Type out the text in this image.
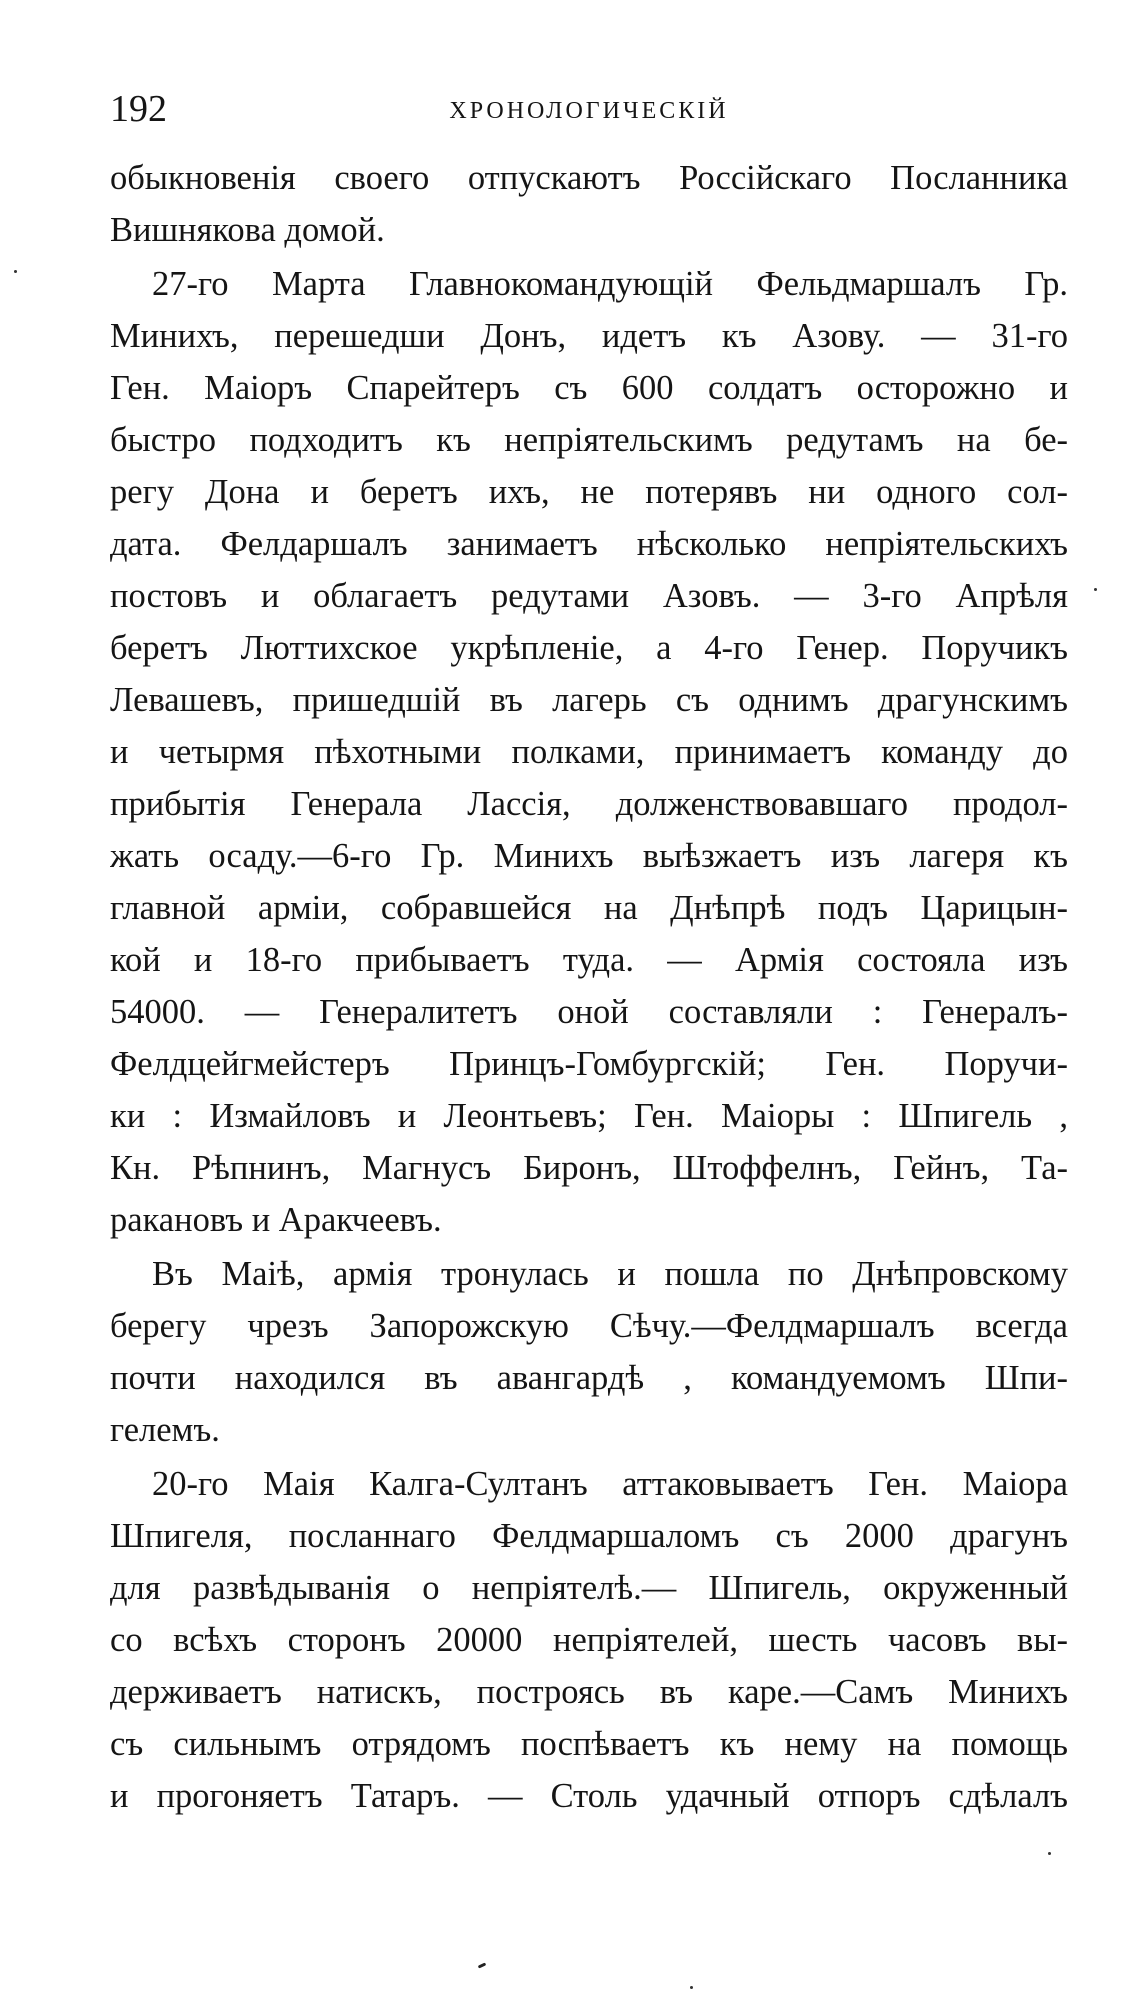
192	ХРОНОЛОГИЧЕСКІЙ
обыкновенія своего отпускаютъ Россійскаго Посланника
Вишнякова домой.
27-го Марта Главнокомандующій Фельдмаршалъ Гр.
Минихъ, перешедши Донъ, идетъ къ Азову. — 31-го
Ген. Маіоръ Спарейтеръ съ 600 солдатъ осторожно и
быстро подходитъ къ непріятельскимъ редутамъ на бе-
регу Дона и беретъ ихъ, не потерявъ ни одного сол-
дата. Фелдаршалъ занимаетъ нѣсколько непріятельскихъ
постовъ и облагаетъ редутами Азовъ. — 3-го Апрѣля
беретъ Люттихское укрѣпленіе, а 4-го Генер. Поручикъ
Левашевъ, пришедшій въ лагерь съ однимъ драгунскимъ
и четырмя пѣхотными полками, принимаетъ команду до
прибытія Генерала Лассія, долженствовавшаго продол-
жать осаду.—6-го Гр. Минихъ выѣзжаетъ изъ лагеря къ
главной арміи, собравшейся на Днѣпрѣ подъ Царицын-
кой и 18-го прибываетъ туда. — Армія состояла изъ
54000. — Генералитетъ оной составляли : Генералъ-
Фелдцейгмейстеръ Принцъ-Гомбургскій; Ген. Поручи-
ки : Измайловъ и Леонтьевъ; Ген. Маіоры : Шпигель ,
Кн. Рѣпнинъ, Магнусъ Биронъ, Штоффелнъ, Гейнъ, Та-
ракановъ и Аракчеевъ.
Въ Маіѣ, армія тронулась и пошла по Днѣпровскому
берегу чрезъ Запорожскую Сѣчу.—Фелдмаршалъ всегда
почти находился въ авангардѣ , командуемомъ Шпи-
гелемъ.
20-го Маія Калга-Султанъ аттаковываетъ Ген. Маіора
Шпигеля, посланнаго Фелдмаршаломъ съ 2000 драгунъ
для развѣдыванія о непріятелѣ.— Шпигель, окруженный
со всѣхъ сторонъ 20000 непріятелей, шесть часовъ вы-
держиваетъ натискъ, построясь въ каре.—Самъ Минихъ
съ сильнымъ отрядомъ поспѣваетъ къ нему на помощь
и прогоняетъ Татаръ. — Столь удачный отпоръ сдѣлалъ
